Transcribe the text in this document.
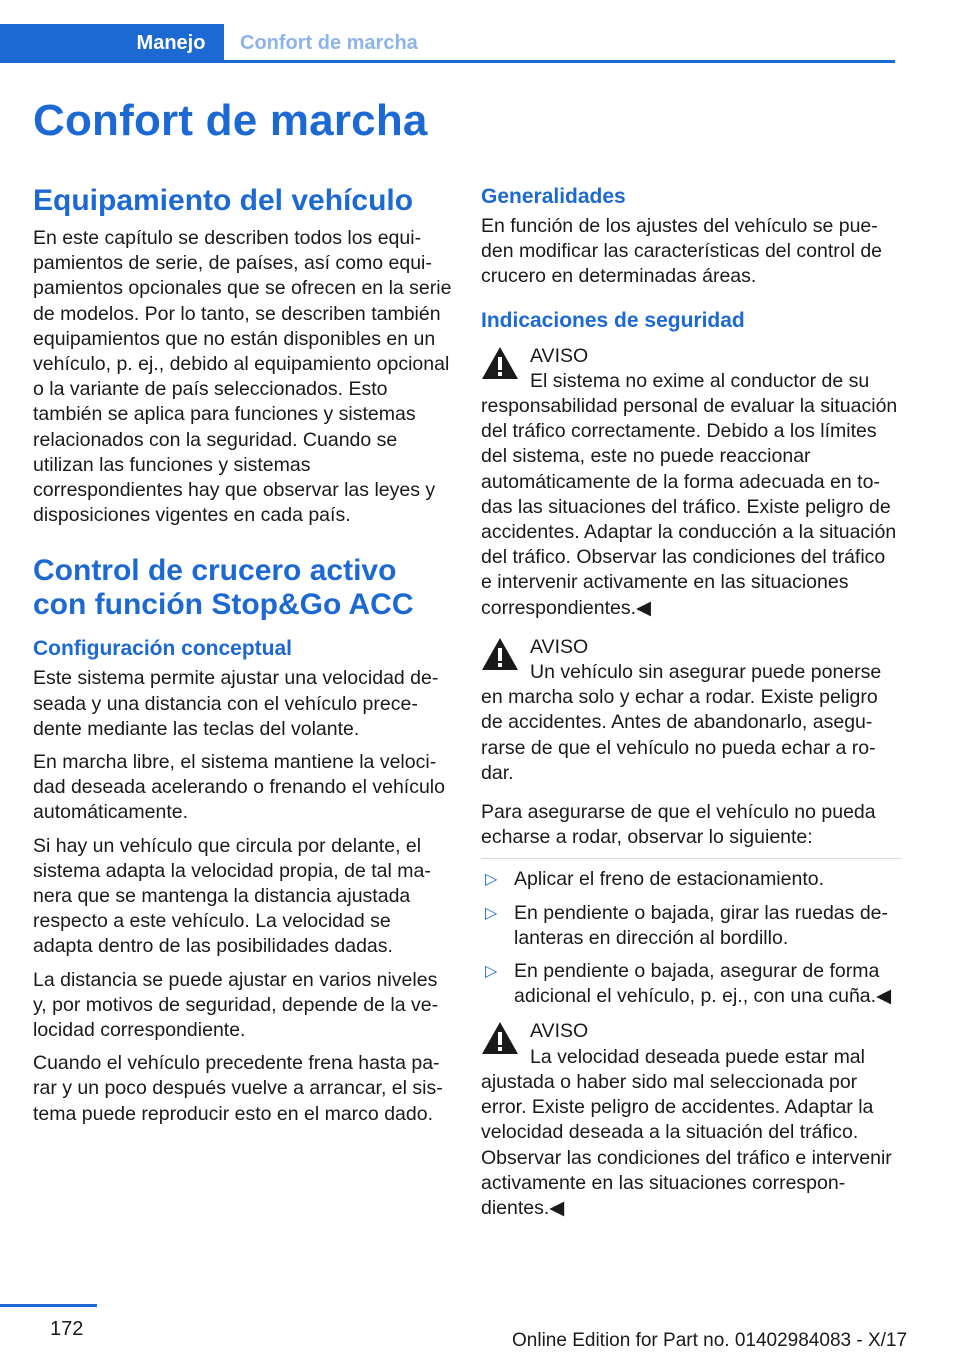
Manejo	Confort de marcha
Confort de marcha
Equipamiento del vehículo

En este capítulo se describen todos los equipamientos de serie, de países, así como equipamientos opcionales que se ofrecen en la serie de modelos. Por lo tanto, se describen también equipamientos que no están disponibles en un vehículo, p. ej., debido al equipamiento opcional o la variante de país seleccionados. Esto también se aplica para funciones y sistemas relacionados con la seguridad. Cuando se utilizan las funciones y sistemas correspondientes hay que observar las leyes y disposiciones vigentes en cada país.

Control de crucero activo con función Stop&Go ACC
Configuración conceptual

Este sistema permite ajustar una velocidad deseada y una distancia con el vehículo precedente mediante las teclas del volante.

En marcha libre, el sistema mantiene la velocidad deseada acelerando o frenando el vehículo automáticamente.

Si hay un vehículo que circula por delante, el sistema adapta la velocidad propia, de tal manera que se mantenga la distancia ajustada respecto a este vehículo. La velocidad se adapta dentro de las posibilidades dadas.

La distancia se puede ajustar en varios niveles y, por motivos de seguridad, depende de la velocidad correspondiente.

Cuando el vehículo precedente frena hasta parar y un poco después vuelve a arrancar, el sistema puede reproducir esto en el marco dado.

Generalidades

En función de los ajustes del vehículo se pueden modificar las características del control de crucero en determinadas áreas.

Indicaciones de seguridad
AVISO
El sistema no exime al conductor de su
responsabilidad personal de evaluar la situación del tráfico correctamente. Debido a los límites del sistema, este no puede reaccionar automáticamente de la forma adecuada en todas las situaciones del tráfico. Existe peligro de accidentes. Adaptar la conducción a la situación del tráfico. Observar las condiciones del tráfico e intervenir activamente en las situaciones correspondientes.◀
AVISO
Un vehículo sin asegurar puede ponerse
en marcha solo y echar a rodar. Existe peligro de accidentes. Antes de abandonarlo, asegurarse de que el vehículo no pueda echar a rodar.

Para asegurarse de que el vehículo no pueda echarse a rodar, observar lo siguiente:

▷ Aplicar el freno de estacionamiento.
▷ En pendiente o bajada, girar las ruedas delanteras en dirección al bordillo.
▷ En pendiente o bajada, asegurar de forma adicional el vehículo, p. ej., con una cuña.◀
AVISO
La velocidad deseada puede estar mal
ajustada o haber sido mal seleccionada por error. Existe peligro de accidentes. Adaptar la velocidad deseada a la situación del tráfico. Observar las condiciones del tráfico e intervenir activamente en las situaciones correspondientes.◀
172
Online Edition for Part no. 01402984083 - X/17
